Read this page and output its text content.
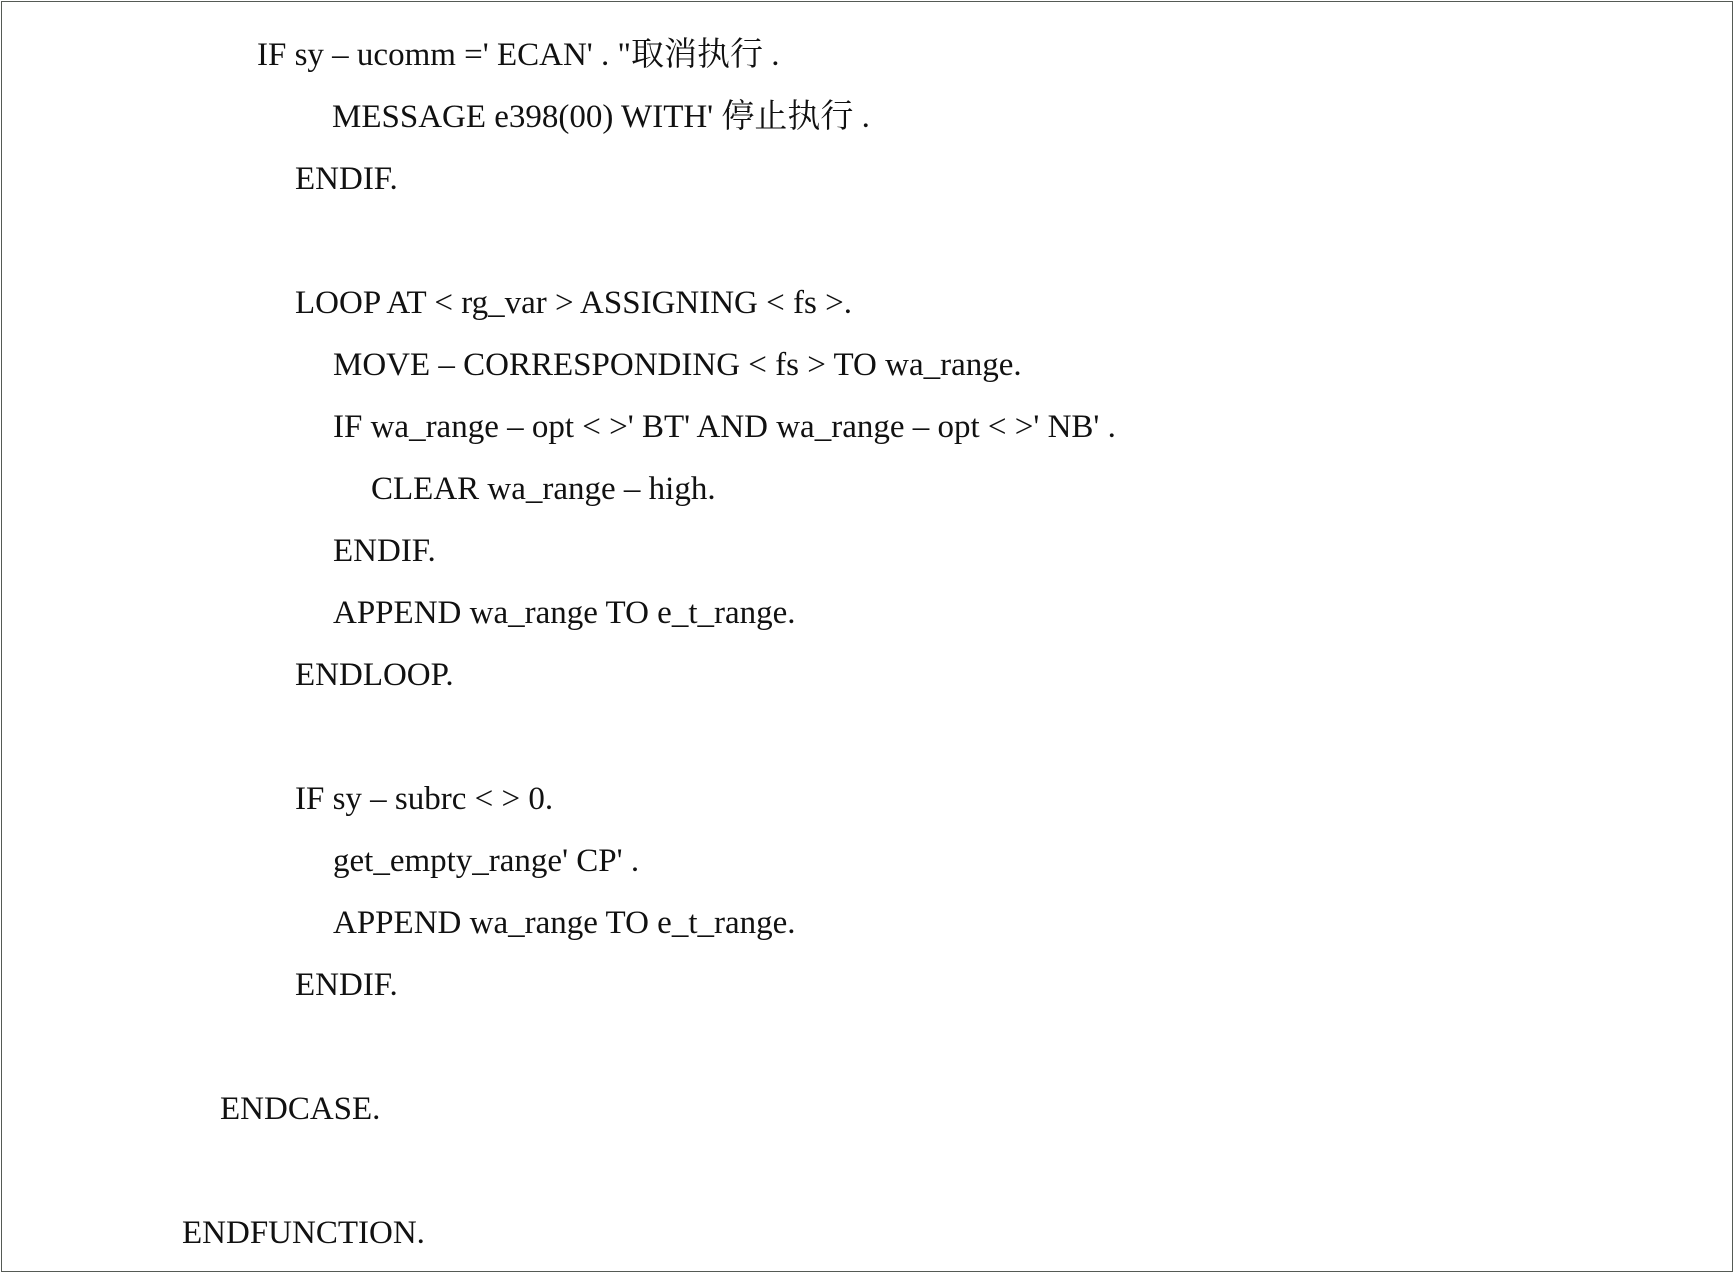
IF sy – ucomm =' ECAN' . "取消执行 .

MESSAGE e398(00) WITH' 停止执行 .

ENDIF.

LOOP AT < rg_var > ASSIGNING < fs >.

MOVE – CORRESPONDING < fs > TO wa_range.

IF wa_range – opt < >' BT' AND wa_range – opt < >' NB' .

CLEAR wa_range – high.

ENDIF.

APPEND wa_range TO e_t_range.

ENDLOOP.

IF sy – subrc < > 0.

get_empty_range' CP' .

APPEND wa_range TO e_t_range.

ENDIF.

ENDCASE.

ENDFUNCTION.
